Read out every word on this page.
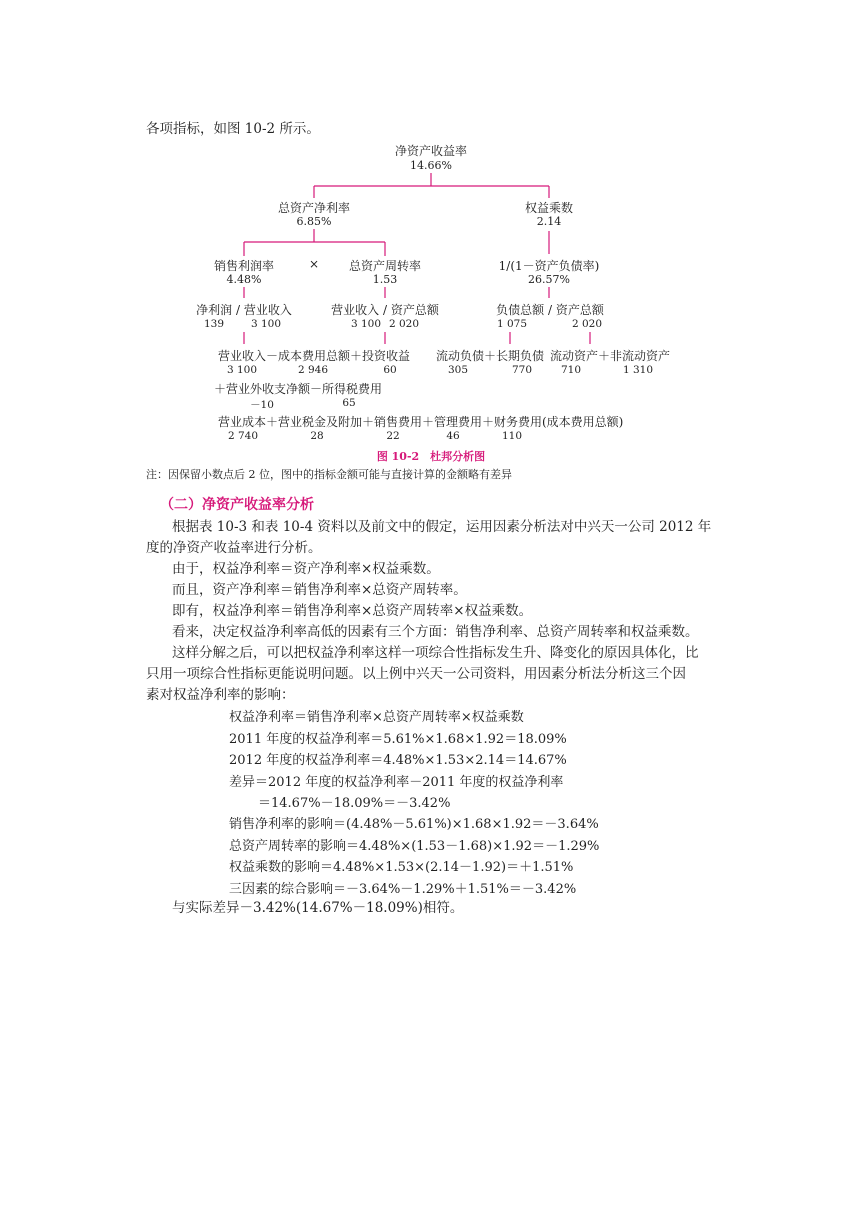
各项指标，如图 10-2 所示。
净资产收益率
14.66%
总资产净利率
6.85%
权益乘数
2.14
销售利润率
4.48%
× 总资产周转率
1.53
1/(1－资产负债率)
26.57%
净利润 / 营业收入
139	3 100
营业收入 / 资产总额
3 100 2 020
负债总额 / 资产总额
1 075	2 020
营业收入－成本费用总额＋投资收益
3 100	2 946	60
流动负债＋长期负债
305	770
流动资产＋非流动资产
710	1 310
＋营业外收支净额－所得税费用
－10	65
营业成本＋营业税金及附加＋销售费用＋管理费用＋财务费用(成本费用总额)
2 740	28	22	46	110
图 10-2　杜邦分析图
注：因保留小数点后 2 位，图中的指标金额可能与直接计算的金额略有差异
（二）净资产收益率分析
根据表 10-3 和表 10-4 资料以及前文中的假定，运用因素分析法对中兴天一公司 2012 年
度的净资产收益率进行分析。
由于，权益净利率＝资产净利率×权益乘数。
而且，资产净利率＝销售净利率×总资产周转率。
即有，权益净利率＝销售净利率×总资产周转率×权益乘数。
看来，决定权益净利率高低的因素有三个方面：销售净利率、总资产周转率和权益乘数。
这样分解之后，可以把权益净利率这样一项综合性指标发生升、降变化的原因具体化，比
只用一项综合性指标更能说明问题。以上例中兴天一公司资料，用因素分析法分析这三个因
素对权益净利率的影响：
权益净利率＝销售净利率×总资产周转率×权益乘数
2011 年度的权益净利率＝5.61%×1.68×1.92＝18.09%
2012 年度的权益净利率＝4.48%×1.53×2.14＝14.67%
差异＝2012 年度的权益净利率－2011 年度的权益净利率
＝14.67%－18.09%＝－3.42%
销售净利率的影响＝(4.48%－5.61%)×1.68×1.92＝－3.64%
总资产周转率的影响＝4.48%×(1.53－1.68)×1.92＝－1.29%
权益乘数的影响＝4.48%×1.53×(2.14－1.92)＝＋1.51%
三因素的综合影响＝－3.64%－1.29%＋1.51%＝－3.42%
与实际差异－3.42%(14.67%－18.09%)相符。
